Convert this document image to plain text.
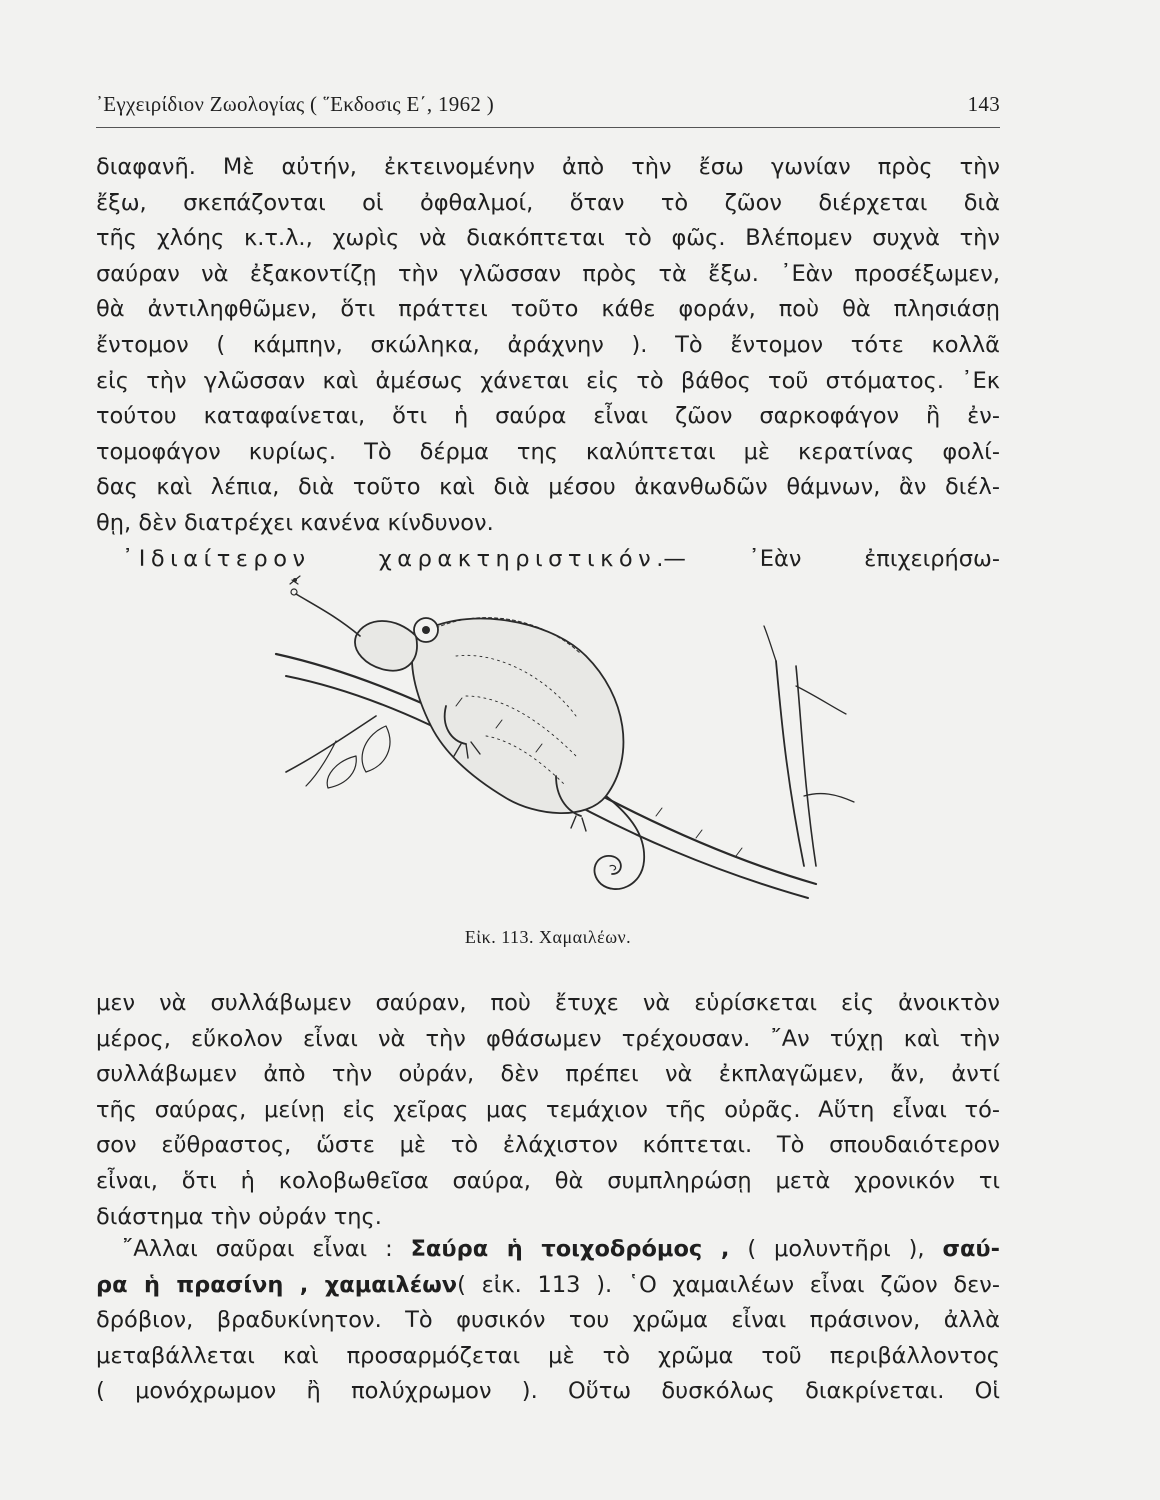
᾿Εγχειρίδιον Ζωολογίας ( ῞Εκδοσις Ε΄, 1962 )	143
διαφανῆ. Μὲ αὐτήν, ἐκτεινομένην ἀπὸ τὴν ἔσω γωνίαν πρὸς τὴν
ἔξω, σκεπάζονται οἱ ὀφθαλμοί, ὅταν τὸ ζῶον διέρχεται διὰ
τῆς χλόης κ.τ.λ., χωρὶς νὰ διακόπτεται τὸ φῶς. Βλέπομεν συχνὰ τὴν
σαύραν νὰ ἐξακοντίζῃ τὴν γλῶσσαν πρὸς τὰ ἔξω. ᾿Εὰν προσέξωμεν,
θὰ ἀντιληφθῶμεν, ὅτι πράττει τοῦτο κάθε φοράν, ποὺ θὰ πλησιάσῃ
ἔντομον ( κάμπην, σκώληκα, ἀράχνην ). Τὸ ἔντομον τότε κολλᾶ
εἰς τὴν γλῶσσαν καὶ ἀμέσως χάνεται εἰς τὸ βάθος τοῦ στόματος. ᾿Εκ
τούτου καταφαίνεται, ὅτι ἡ σαύρα εἶναι ζῶον σαρκοφάγον ἢ ἐν-
τομοφάγον κυρίως. Τὸ δέρμα της καλύπτεται μὲ κερατίνας φολί-
δας καὶ λέπια, διὰ τοῦτο καὶ διὰ μέσου ἀκανθωδῶν θάμνων, ἂν διέλ-
θῃ, δὲν διατρέχει κανένα κίνδυνον.
᾿Ιδιαίτερον χαρακτηριστικόν.— ᾿Εὰν ἐπιχειρήσω-
Εἰκ. 113. Χαμαιλέων.
μεν νὰ συλλάβωμεν σαύραν, ποὺ ἔτυχε νὰ εὑρίσκεται εἰς ἀνοικτὸν
μέρος, εὔκολον εἶναι νὰ τὴν φθάσωμεν τρέχουσαν. ῎Αν τύχῃ καὶ τὴν
συλλάβωμεν ἀπὸ τὴν οὐράν, δὲν πρέπει νὰ ἐκπλαγῶμεν, ἄν, ἀντί
τῆς σαύρας, μείνῃ εἰς χεῖρας μας τεμάχιον τῆς οὐρᾶς. Αὕτη εἶναι τό-
σον εὔθραστος, ὥστε μὲ τὸ ἐλάχιστον κόπτεται. Τὸ σπουδαιότερον
εἶναι, ὅτι ἡ κολοβωθεῖσα σαύρα, θὰ συμπληρώσῃ μετὰ χρονικόν τι
διάστημα τὴν οὐράν της.
῎Αλλαι σαῦραι εἶναι : Σαύρα ἡ τοιχοδρόμος , ( μολυντῆρι ), σαύ-
ρα ἡ πρασίνη , χαμαιλέων( εἰκ. 113 ). ῾Ο χαμαιλέων εἶναι ζῶον δεν-
δρόβιον, βραδυκίνητον. Τὸ φυσικόν του χρῶμα εἶναι πράσινον, ἀλλὰ
μεταβάλλεται καὶ προσαρμόζεται μὲ τὸ χρῶμα τοῦ περιβάλλοντος
( μονόχρωμον ἢ πολύχρωμον ). Οὕτω δυσκόλως διακρίνεται. Οἱ
